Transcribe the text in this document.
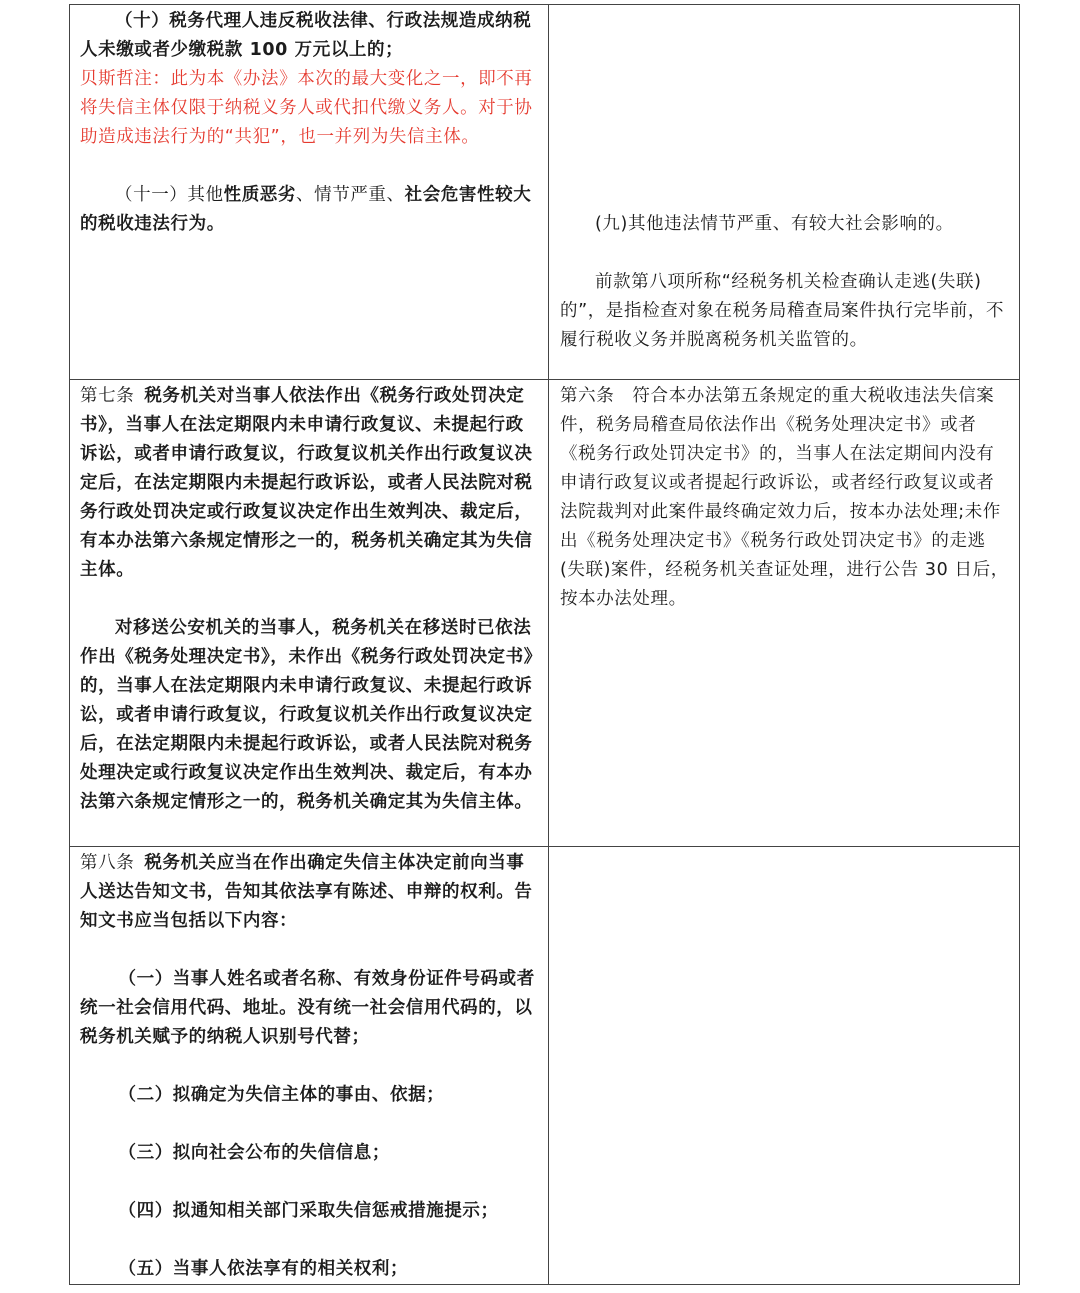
（十）税务代理人违反税收法律、行政法规造成纳税人未缴或者少缴税款 100 万元以上的；

贝斯哲注：此为本《办法》本次的最大变化之一，即不再将失信主体仅限于纳税义务人或代扣代缴义务人。对于协助造成违法行为的“共犯”，也一并列为失信主体。

（十一）其他性质恶劣、情节严重、社会危害性较大的税收违法行为。	(九)其他违法情节严重、有较大社会影响的。

前款第八项所称“经税务机关检查确认走逃(失联)的”，是指检查对象在税务局稽查局案件执行完毕前，不履行税收义务并脱离税务机关监管的。

第七条 税务机关对当事人依法作出《税务行政处罚决定书》，当事人在法定期限内未申请行政复议、未提起行政诉讼，或者申请行政复议，行政复议机关作出行政复议决定后，在法定期限内未提起行政诉讼，或者人民法院对税务行政处罚决定或行政复议决定作出生效判决、裁定后，有本办法第六条规定情形之一的，税务机关确定其为失信主体。

对移送公安机关的当事人，税务机关在移送时已依法作出《税务处理决定书》，未作出《税务行政处罚决定书》的，当事人在法定期限内未申请行政复议、未提起行政诉讼，或者申请行政复议，行政复议机关作出行政复议决定后，在法定期限内未提起行政诉讼，或者人民法院对税务处理决定或行政复议决定作出生效判决、裁定后，有本办法第六条规定情形之一的，税务机关确定其为失信主体。

第六条　符合本办法第五条规定的重大税收违法失信案件，税务局稽查局依法作出《税务处理决定书》或者《税务行政处罚决定书》的，当事人在法定期间内没有申请行政复议或者提起行政诉讼，或者经行政复议或者法院裁判对此案件最终确定效力后，按本办法处理;未作出《税务处理决定书》《税务行政处罚决定书》的走逃(失联)案件，经税务机关查证处理，进行公告 30 日后，按本办法处理。

第八条 税务机关应当在作出确定失信主体决定前向当事人送达告知文书，告知其依法享有陈述、申辩的权利。告知文书应当包括以下内容：

（一）当事人姓名或者名称、有效身份证件号码或者统一社会信用代码、地址。没有统一社会信用代码的，以税务机关赋予的纳税人识别号代替；

（二）拟确定为失信主体的事由、依据；

（三）拟向社会公布的失信信息；

（四）拟通知相关部门采取失信惩戒措施提示；

（五）当事人依法享有的相关权利；
